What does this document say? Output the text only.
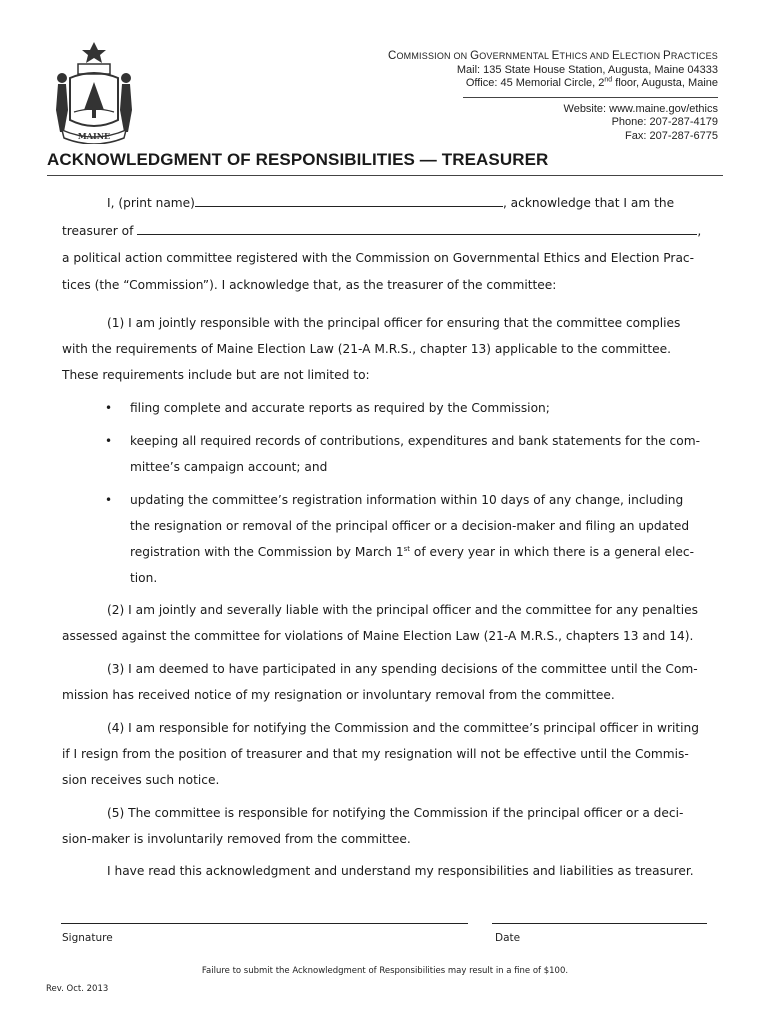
MAINE
COMMISSION ON GOVERNMENTAL ETHICS AND ELECTION PRACTICES
Mail: 135 State House Station, Augusta, Maine 04333
Office: 45 Memorial Circle, 2nd floor, Augusta, Maine
Website: www.maine.gov/ethics
Phone: 207-287-4179
Fax: 207-287-6775
ACKNOWLEDGMENT OF RESPONSIBILITIES — TREASURER
I, (print name)	, acknowledge that I am the
treasurer of	,
a political action committee registered with the Commission on Governmental Ethics and Election Prac-
tices (the “Commission”). I acknowledge that, as the treasurer of the committee:
(1) I am jointly responsible with the principal officer for ensuring that the committee complies
with the requirements of Maine Election Law (21-A M.R.S., chapter 13) applicable to the committee.
These requirements include but are not limited to:
• filing complete and accurate reports as required by the Commission;
• keeping all required records of contributions, expenditures and bank statements for the com-
mittee’s campaign account; and
• updating the committee’s registration information within 10 days of any change, including
the resignation or removal of the principal officer or a decision-maker and filing an updated
registration with the Commission by March 1st of every year in which there is a general elec-
tion.
(2) I am jointly and severally liable with the principal officer and the committee for any penalties
assessed against the committee for violations of Maine Election Law (21-A M.R.S., chapters 13 and 14).
(3) I am deemed to have participated in any spending decisions of the committee until the Com-
mission has received notice of my resignation or involuntary removal from the committee.
(4) I am responsible for notifying the Commission and the committee’s principal officer in writing
if I resign from the position of treasurer and that my resignation will not be effective until the Commis-
sion receives such notice.
(5) The committee is responsible for notifying the Commission if the principal officer or a deci-
sion-maker is involuntarily removed from the committee.
I have read this acknowledgment and understand my responsibilities and liabilities as treasurer.
Signature	Date
Failure to submit the Acknowledgment of Responsibilities may result in a fine of $100.
Rev. Oct. 2013
